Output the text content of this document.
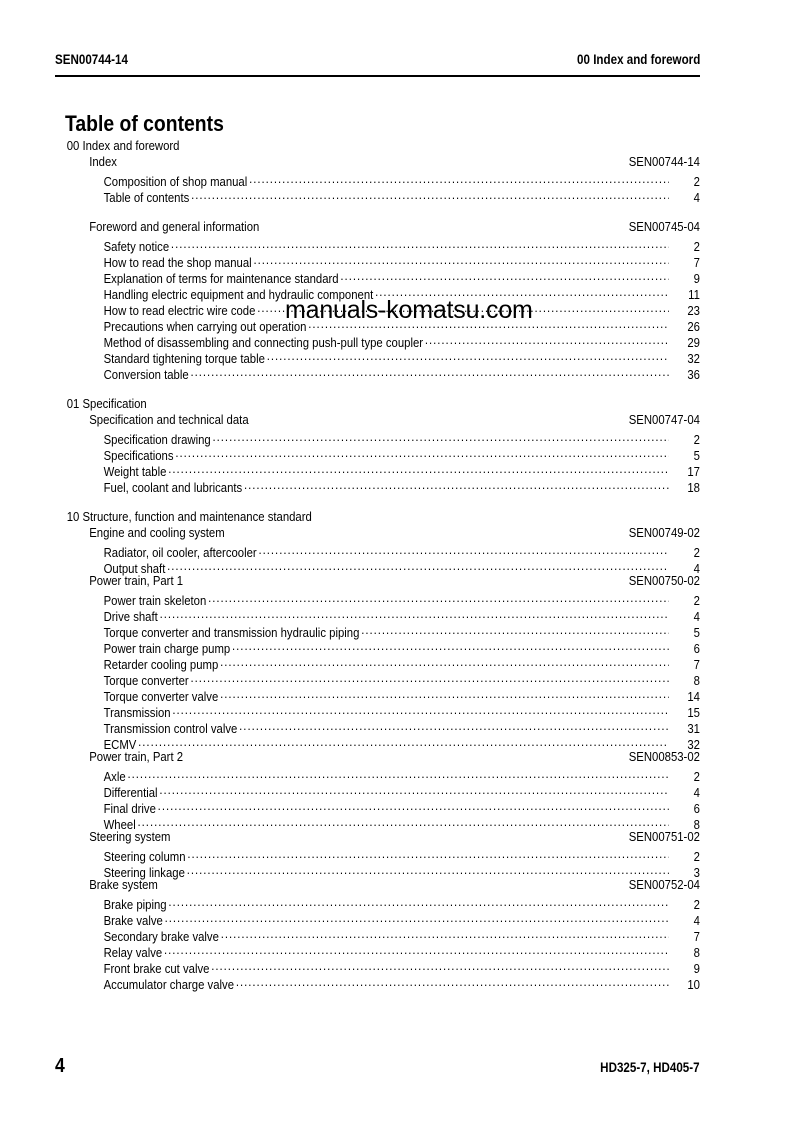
SEN00744-14	00 Index and foreword
Table of contents
00 Index and foreword
Index	SEN00744-14
Composition of shop manual .....	2
Table of contents .....	4
Foreword and general information	SEN00745-04
Safety notice .....	2
How to read the shop manual .....	7
Explanation of terms for maintenance standard .....	9
Handling electric equipment and hydraulic component .....	11
How to read electric wire code .....	23
Precautions when carrying out operation .....	26
Method of disassembling and connecting push-pull type coupler .....	29
Standard tightening torque table .....	32
Conversion table .....	36
01 Specification
Specification and technical data	SEN00747-04
Specification drawing .....	2
Specifications .....	5
Weight table .....	17
Fuel, coolant and lubricants .....	18
10 Structure, function and maintenance standard
Engine and cooling system	SEN00749-02
Radiator, oil cooler, aftercooler .....	2
Output shaft .....	4
Power train, Part 1	SEN00750-02
Power train skeleton .....	2
Drive shaft .....	4
Torque converter and transmission hydraulic piping .....	5
Power train charge pump .....	6
Retarder cooling pump .....	7
Torque converter .....	8
Torque converter valve .....	14
Transmission .....	15
Transmission control valve .....	31
ECMV .....	32
Power train, Part 2	SEN00853-02
Axle .....	2
Differential .....	4
Final drive .....	6
Wheel .....	8
Steering system	SEN00751-02
Steering column .....	2
Steering linkage .....	3
Brake system	SEN00752-04
Brake piping .....	2
Brake valve .....	4
Secondary brake valve .....	7
Relay valve .....	8
Front brake cut valve .....	9
Accumulator charge valve .....	10
manuals-komatsu.com
4	HD325-7, HD405-7
